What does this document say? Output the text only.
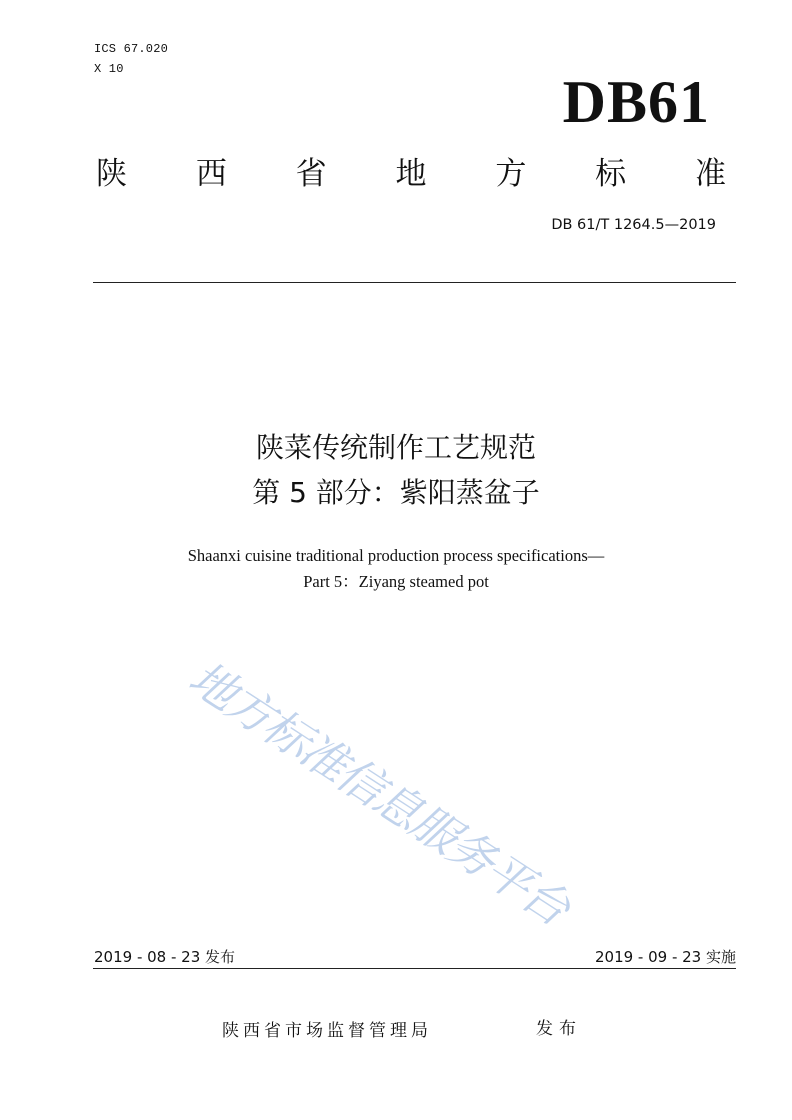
ICS 67.020
X 10	DB61
陕 西 省 地 方 标 准
DB 61/T 1264.5—2019
陕菜传统制作工艺规范
第 5 部分：紫阳蒸盆子
Shaanxi cuisine traditional production process specifications—
Part 5：Ziyang steamed pot
地方标准信息服务平台
2019 - 08 - 23 发布	2019 - 09 - 23 实施
陕西省市场监督管理局	发布
